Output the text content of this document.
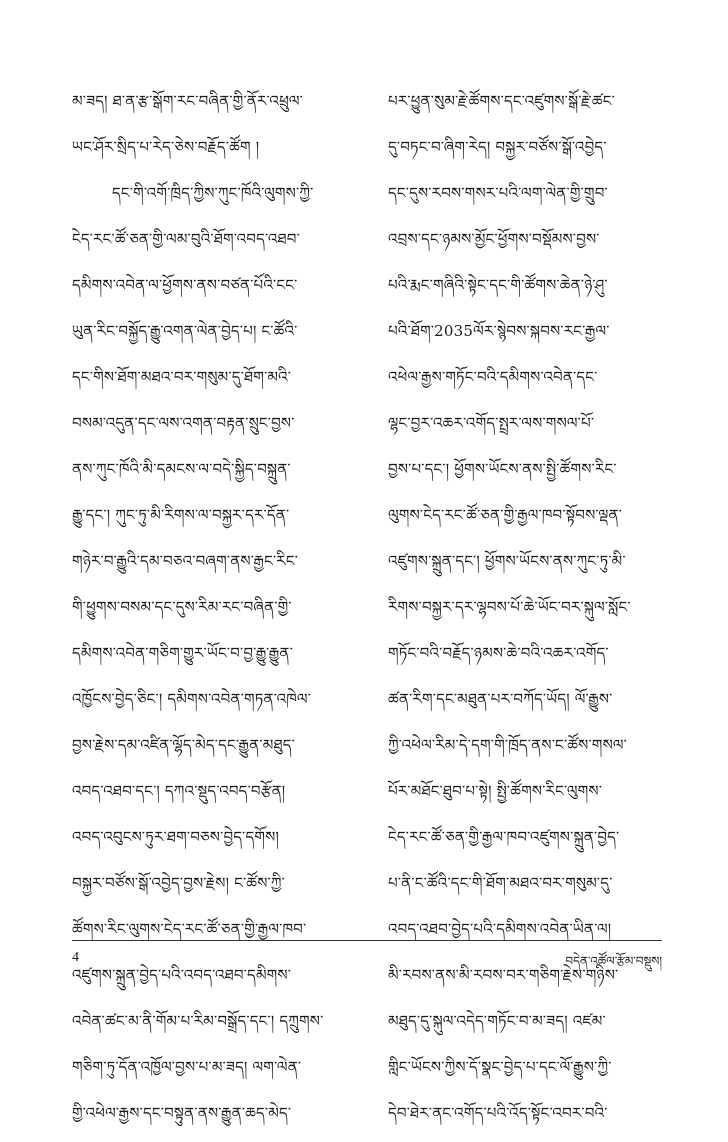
མ་ཟད། ཐ་ན་རྩ་སྒོག་རང་བཞིན་གྱི་ནོར་འཕྲུལ་
ཡང་ཤོར་སྲིད་པ་རེད་ཅེས་བརྗོད་ཚོག །
དང་གི་འགོ་ཁྲིད་ཀྱིས་ཀུང་ཁོའི་ལུགས་ཀྱི་
ངེད་རང་ཚོ་ཅན་གྱི་ལམ་བུའི་ཐོག་འབད་འཐབ་
དམིགས་འབེན་ལ་ཕྱོགས་ནས་བཙན་པོའི་ངང་
ཡུན་རིང་བསྐྱོད་རྒྱུ་འགན་ལེན་བྱེད་པ། ང་ཚོའི་
དང་གིས་ཐོག་མཐའ་བར་གསུམ་དུ་ཐོག་མའི་
བསམ་འདུན་དང་ལས་འགན་བརྟན་སྲུང་བྱས་
ནས་ཀུང་ཁོའི་མི་དམངས་ལ་བདེ་སྐྱིད་བསྐྲུན་
རྒྱུ་དང་། ཀུང་ཏུ་མི་རིགས་ལ་བསྐྱར་དར་དོན་
གཉེར་བ་རྒྱུའི་དམ་བཅའ་བཞག་ནས་རྒྱང་རིང་
གི་ཕྱུགས་བསམ་དང་དུས་རིམ་རང་བཞིན་གྱི་
དམིགས་འབེན་གཅིག་གྱུར་ཡོང་བ་བྱ་རྒྱུ་རྒྱུན་
འཁྱོངས་བྱེད་ཅིང་། དམིགས་འབེན་གཏན་འཁེལ་
བྱས་རྗེས་དམ་འཛིན་ལྷོད་མེད་དང་རྒྱུན་མཐུད་
འབད་འཐབ་དང་། དཀའ་སྡུད་འབད་བརྩོན།
འབད་འབུངས་ཏུར་ཐག་བཅས་བྱེད་དགོས།
བསྐྱར་བཙོས་སྒོ་འབྱེད་བྱས་རྗེས། ང་ཚོས་ཀྱི་
ཚོགས་རིང་ལུགས་ངེད་རང་ཚོ་ཅན་གྱི་རྒྱལ་ཁབ་
འཛུགས་སྐྲུན་བྱེད་པའི་འབད་འཐབ་དམིགས་
འབེན་ཚང་མ་ནི་གོམ་པ་རིམ་བསྒྲོད་དང་། དཀྲུགས་
གཅིག་ཏུ་དོན་འཁྱོལ་བྱས་པ་མ་ཟད། ལག་ལེན་
གྱི་འཕེལ་རྒྱས་དང་བསྟུན་ནས་རྒྱུན་ཆད་མེད་
པར་ཕྱུན་སུམ་རྗེ་ཚོགས་དང་འཛུགས་སྒོ་རྗེ་ཚང་
དུ་བཏང་བ་ཞིག་རེད། བསྐྱར་བཙོས་སྒོ་འབྱེད་
དང་དུས་རབས་གསར་པའི་ལག་ལེན་གྱི་གྲུབ་
འབྲས་དང་ཉམས་མྱོང་ཕྱོགས་བསྡོམས་བྱས་
པའི་རྨང་གཞིའི་སྟེང་དང་གི་ཚོགས་ཆེན་ཉེ་ཤུ་
པའི་ཐོག་2035ལོར་སྙེབས་སྐབས་རང་རྒྱལ་
འཕེལ་རྒྱས་གཏོང་བའི་དམིགས་འབེན་དང་
ལྷང་བྱར་འཆར་འགོད་སྤྲར་ལས་གསལ་པོ་
བྱས་པ་དང་། ཕྱོགས་ཡོངས་ནས་སྤྱི་ཚོགས་རིང་
ལུགས་ངེད་རང་ཚོ་ཅན་གྱི་རྒྱལ་ཁབ་སྟོབས་ལྡན་
འཛུགས་སྐྲུན་དང་། ཕྱོགས་ཡོངས་ནས་ཀུང་ཏུ་མི་
རིགས་བསྐྱར་དར་ལྷབས་པོ་ཆེ་ཡོང་བར་སྐུལ་སློང་
གཏོང་བའི་བརྗོད་ཉམས་ཆེ་བའི་འཆར་འགོད་
ཚན་རིག་དང་མཐུན་པར་བཀོད་ཡོད། ལོ་རྒྱུས་
ཀྱི་འཕེལ་རིམ་དེ་དག་གི་ཁྲོད་ནས་ང་ཚོས་གསལ་
པོར་མཐོང་ཐུབ་པ་སྟེ། སྤྱི་ཚོགས་རིང་ལུགས་
ངེད་རང་ཚོ་ཅན་གྱི་རྒྱལ་ཁབ་འཛུགས་སྐྲུན་བྱེད་
པ་ནི་ང་ཚོའི་དང་གི་ཐོག་མཐའ་བར་གསུམ་དུ་
འབད་འཐབ་བྱེད་པའི་དམིགས་འབེན་ཡིན་ལ།
མི་རབས་ནས་མི་རབས་བར་གཅིག་རྗེས་གཉིས་
མཐུད་དུ་སྐུལ་འདེད་གཏོང་བ་མ་ཟད། འཛམ་
གླིང་ཡོངས་ཀྱིས་དོ་སྣང་བྱེད་པ་དང་ལོ་རྒྱུས་ཀྱི་
དེབ་ཐེར་ནང་འགོད་པའི་འོད་སྟོང་འབར་བའི་
4	བདེན་འཚོལ་རྩོམ་བསྡུས།
